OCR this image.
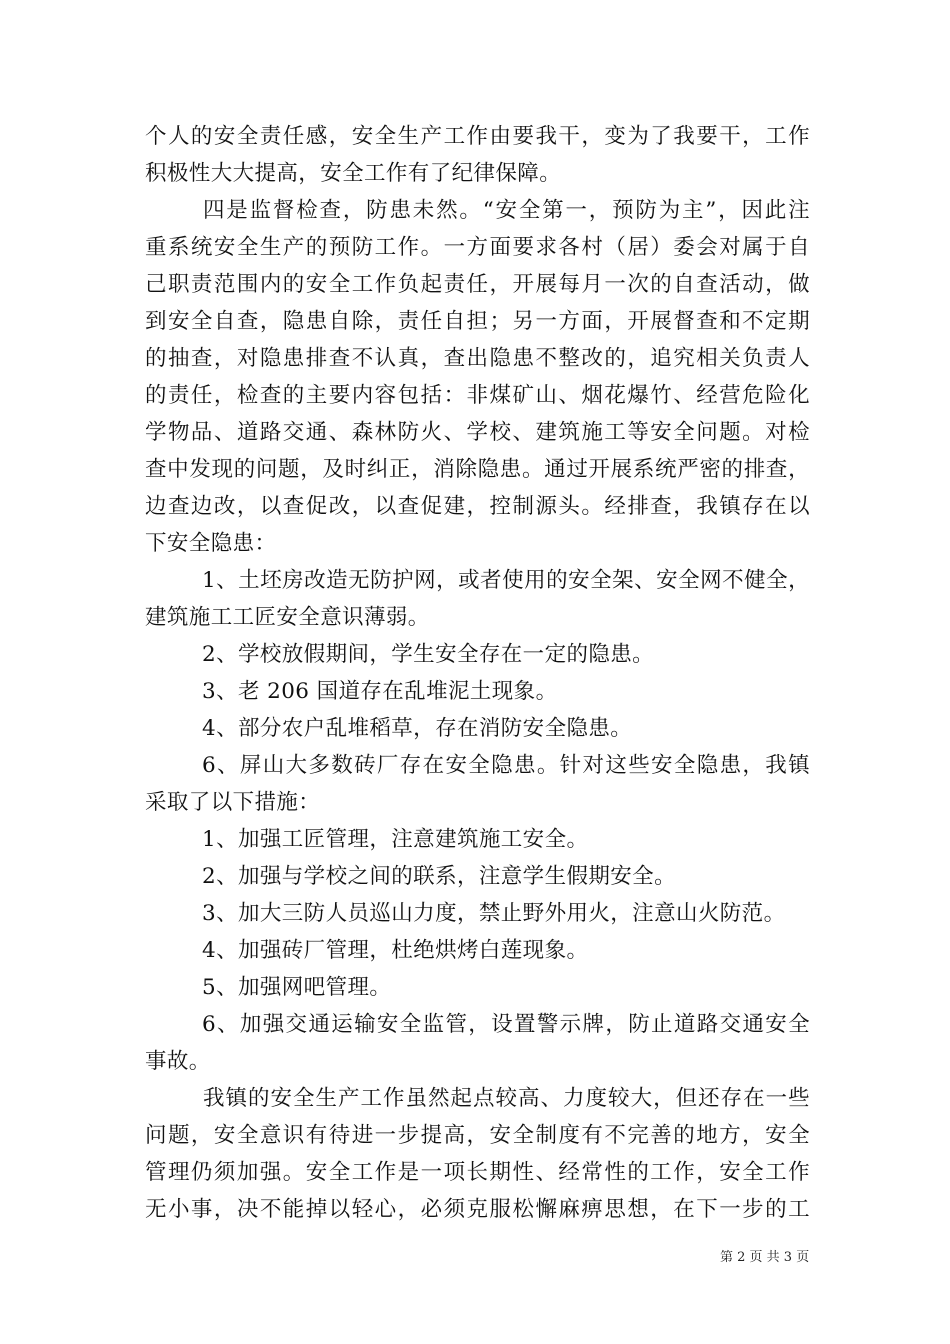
个人的安全责任感，安全生产工作由要我干，变为了我要干，工作
积极性大大提高，安全工作有了纪律保障。
四是监督检查，防患未然。“安全第一，预防为主”，因此注
重系统安全生产的预防工作。一方面要求各村（居）委会对属于自
己职责范围内的安全工作负起责任，开展每月一次的自查活动，做
到安全自查，隐患自除，责任自担；另一方面，开展督查和不定期
的抽查，对隐患排查不认真，查出隐患不整改的，追究相关负责人
的责任，检查的主要内容包括：非煤矿山、烟花爆竹、经营危险化
学物品、道路交通、森林防火、学校、建筑施工等安全问题。对检
查中发现的问题，及时纠正，消除隐患。通过开展系统严密的排查，
边查边改，以查促改，以查促建，控制源头。经排查，我镇存在以
下安全隐患：
1、土坯房改造无防护网，或者使用的安全架、安全网不健全，
建筑施工工匠安全意识薄弱。
2、学校放假期间，学生安全存在一定的隐患。
3、老 206 国道存在乱堆泥土现象。
4、部分农户乱堆稻草，存在消防安全隐患。
6、屏山大多数砖厂存在安全隐患。针对这些安全隐患，我镇
采取了以下措施：
1、加强工匠管理，注意建筑施工安全。
2、加强与学校之间的联系，注意学生假期安全。
3、加大三防人员巡山力度，禁止野外用火，注意山火防范。
4、加强砖厂管理，杜绝烘烤白莲现象。
5、加强网吧管理。
6、加强交通运输安全监管，设置警示牌，防止道路交通安全
事故。
我镇的安全生产工作虽然起点较高、力度较大，但还存在一些
问题，安全意识有待进一步提高，安全制度有不完善的地方，安全
管理仍须加强。安全工作是一项长期性、经常性的工作，安全工作
无小事，决不能掉以轻心，必须克服松懈麻痹思想，在下一步的工
第 2 页 共 3 页
